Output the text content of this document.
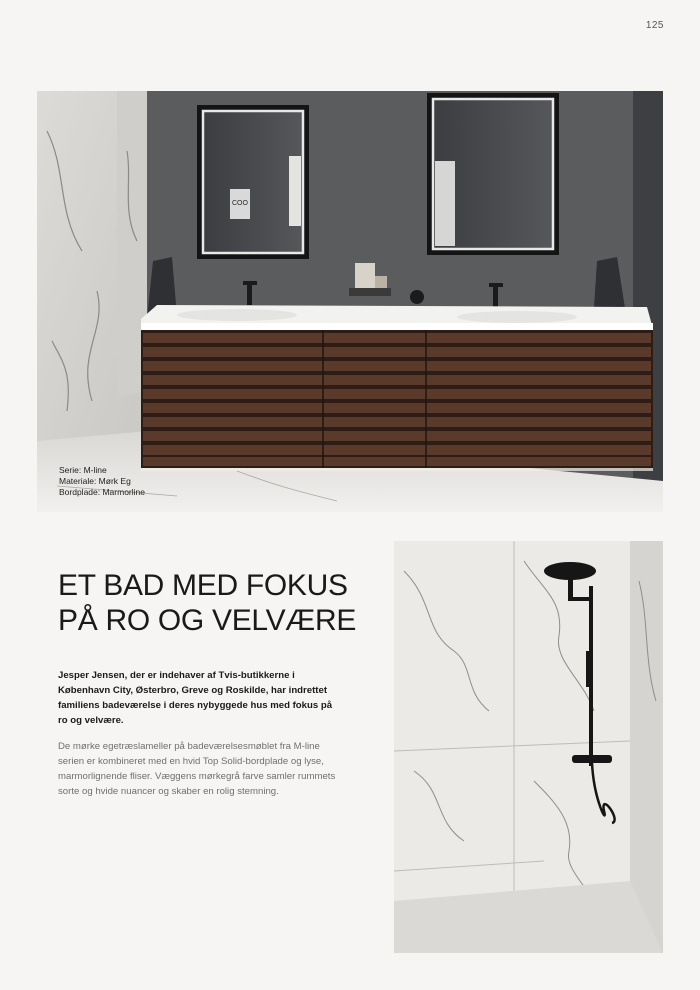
125
COO
Serie: M-line
Materiale: Mørk Eg
Bordplade: Marmorline
ET BAD MED FOKUS
PÅ RO OG VELVÆRE
Jesper Jensen, der er indehaver af Tvis-butikkerne i København City, Østerbro, Greve og Roskilde, har indrettet familiens badeværelse i deres nybyggede hus med fokus på ro og velvære.
De mørke egetræslameller på badeværelsesmøblet fra M-line serien er kombineret med en hvid Top Solid-bordplade og lyse, marmorlignende fliser. Væggens mørkegrå farve samler rummets sorte og hvide nuancer og skaber en rolig stemning.
